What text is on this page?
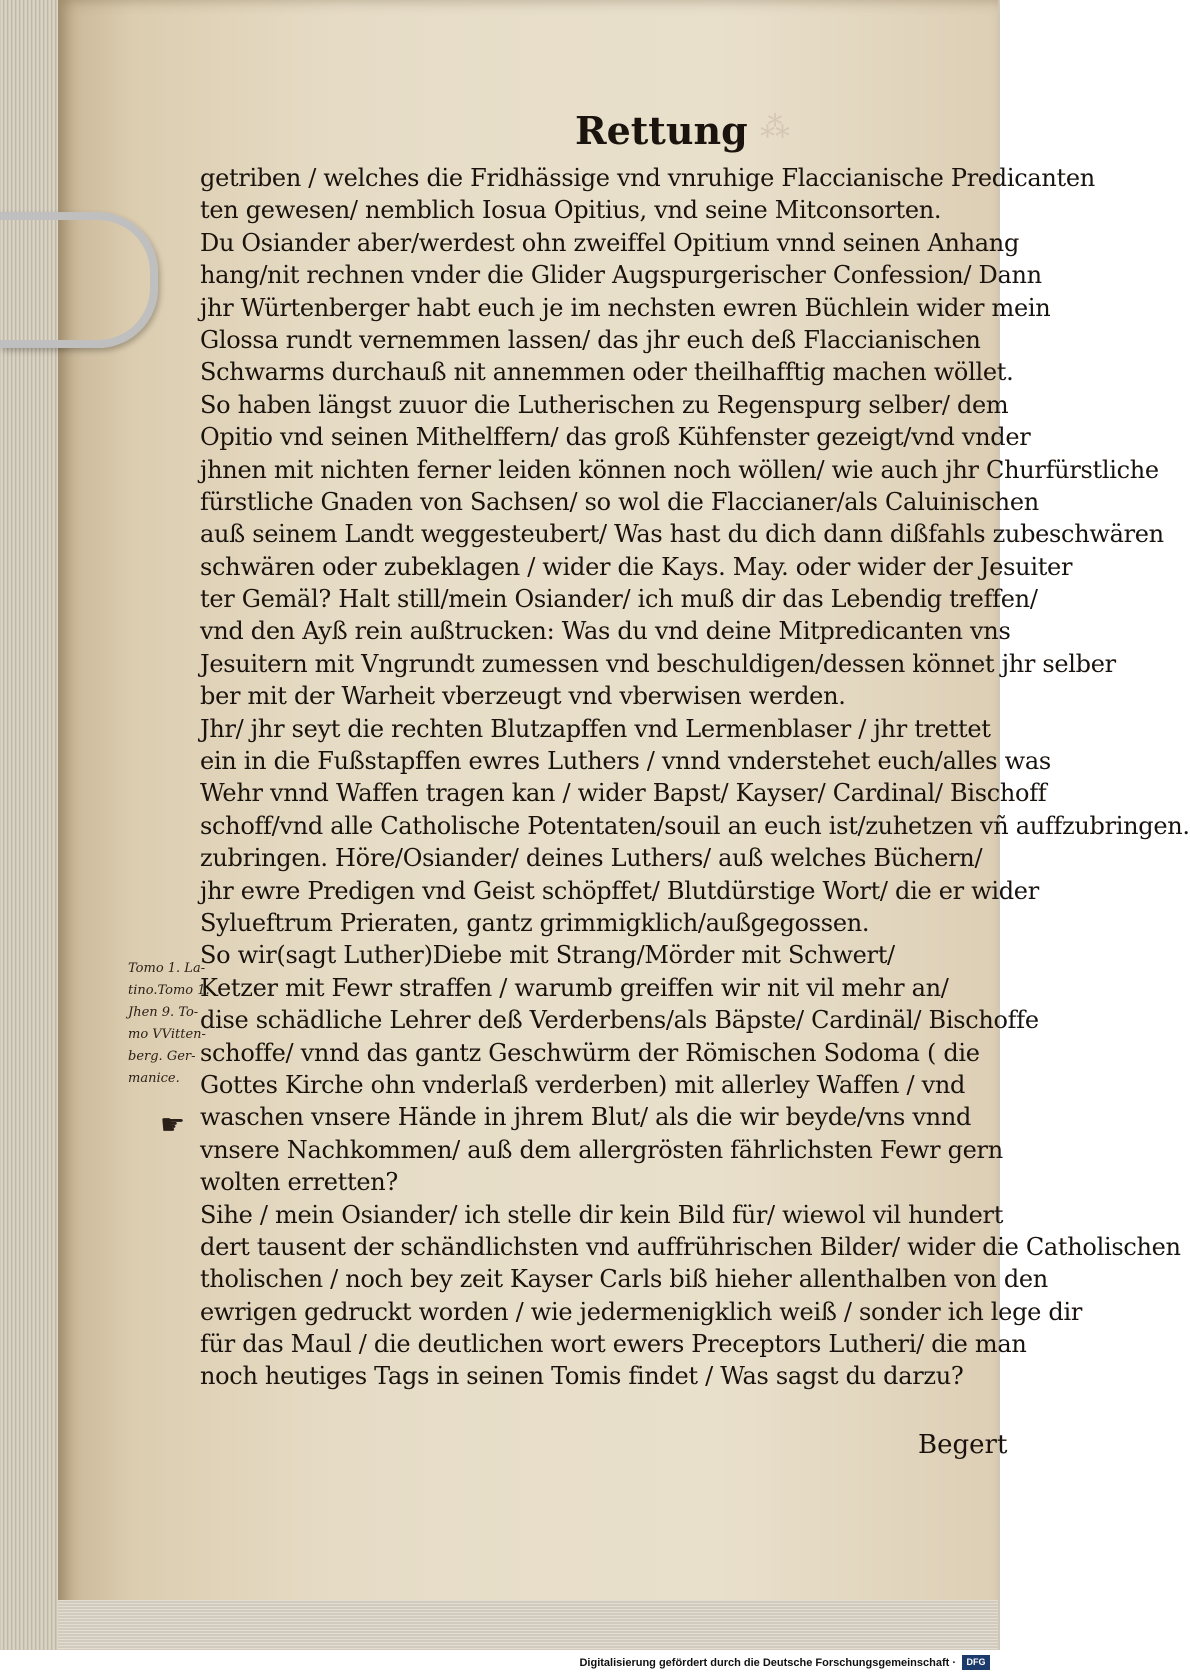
⁂
Rettung
getriben / welches die Fridhässige vnd vnruhige Flaccianische Predicanten
ten gewesen/ nemblich Iosua Opitius, vnd seine Mitconsorten.
Du Osiander aber/werdest ohn zweiffel Opitium vnnd seinen Anhang
hang/nit rechnen vnder die Glider Augspurgerischer Confession/ Dann
jhr Würtenberger habt euch je im nechsten ewren Büchlein wider mein
Glossa rundt vernemmen lassen/ das jhr euch deß Flaccianischen
Schwarms durchauß nit annemmen oder theilhafftig machen wöllet.
So haben längst zuuor die Lutherischen zu Regenspurg selber/ dem
Opitio vnd seinen Mithelffern/ das groß Kühfenster gezeigt/vnd vnder
jhnen mit nichten ferner leiden können noch wöllen/ wie auch jhr Churfürstliche
fürstliche Gnaden von Sachsen/ so wol die Flaccianer/als Caluinischen
auß seinem Landt weggesteubert/ Was hast du dich dann dißfahls zubeschwären
schwären oder zubeklagen / wider die Kays. May. oder wider der Jesuiter
ter Gemäl? Halt still/mein Osiander/ ich muß dir das Lebendig treffen/
vnd den Ayß rein außtrucken: Was du vnd deine Mitpredicanten vns
Jesuitern mit Vngrundt zumessen vnd beschuldigen/dessen könnet jhr selber
ber mit der Warheit vberzeugt vnd vberwisen werden.
Jhr/ jhr seyt die rechten Blutzapffen vnd Lermenblaser / jhr trettet
ein in die Fußstapffen ewres Luthers / vnnd vnderstehet euch/alles was
Wehr vnnd Waffen tragen kan / wider Bapst/ Kayser/ Cardinal/ Bischoff
schoff/vnd alle Catholische Potentaten/souil an euch ist/zuhetzen vñ auffzubringen.
zubringen. Höre/Osiander/ deines Luthers/ auß welches Büchern/
jhr ewre Predigen vnd Geist schöpffet/ Blutdürstige Wort/ die er wider
Sylueftrum Prieraten, gantz grimmigklich/außgegossen.
So wir(sagt Luther)Diebe mit Strang/Mörder mit Schwert/
Ketzer mit Fewr straffen / warumb greiffen wir nit vil mehr an/
dise schädliche Lehrer deß Verderbens/als Bäpste/ Cardinäl/ Bischoffe
schoffe/ vnnd das gantz Geschwürm der Römischen Sodoma ( die
Gottes Kirche ohn vnderlaß verderben) mit allerley Waffen / vnd
waschen vnsere Hände in jhrem Blut/ als die wir beyde/vns vnnd
vnsere Nachkommen/ auß dem allergrösten fährlichsten Fewr gern
wolten erretten?
Sihe / mein Osiander/ ich stelle dir kein Bild für/ wiewol vil hundert
dert tausent der schändlichsten vnd auffrührischen Bilder/ wider die Catholischen
tholischen / noch bey zeit Kayser Carls biß hieher allenthalben von den
ewrigen gedruckt worden / wie jedermenigklich weiß / sonder ich lege dir
für das Maul / die deutlichen wort ewers Preceptors Lutheri/ die man
noch heutiges Tags in seinen Tomis findet / Was sagst du darzu?
Tomo 1. La-
tino.Tomo 1.
Jhen 9. To-
mo VVitten-
berg. Ger-
manice.
☛
Begert
Digitalisierung gefördert durch die Deutsche Forschungsgemeinschaft ·	DFG
